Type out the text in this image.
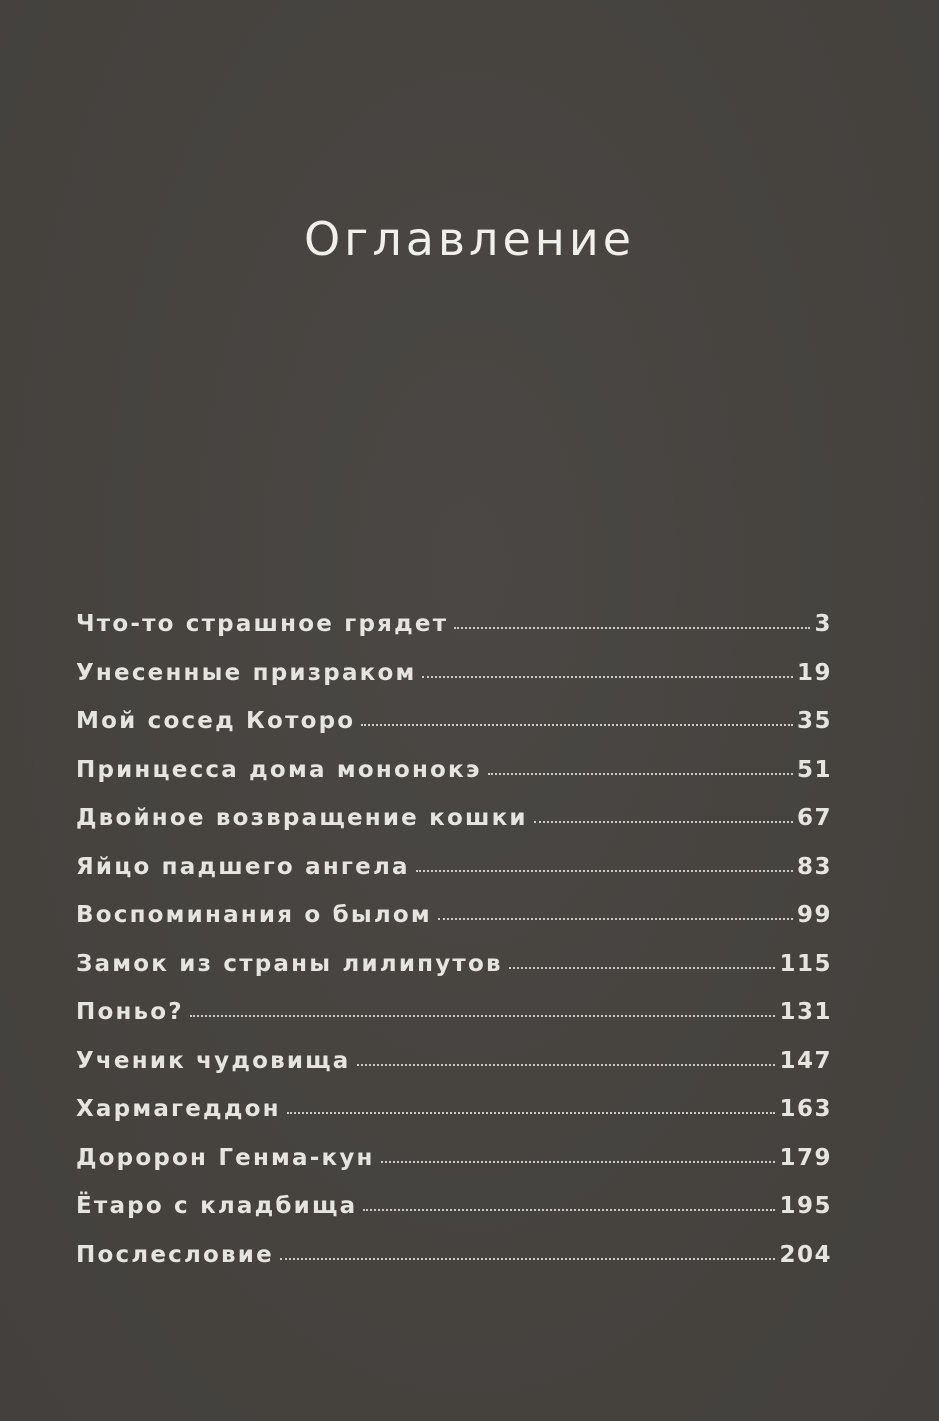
Оглавление
Что-то страшное грядет	3
Унесенные призраком	19
Мой сосед Которо	35
Принцесса дома мононокэ	51
Двойное возвращение кошки	67
Яйцо падшего ангела	83
Воспоминания о былом	99
Замок из страны лилипутов	115
Поньо?	131
Ученик чудовища	147
Хармагеддон	163
Доророн Генма-кун	179
Ётаро с кладбища	195
Послесловие	204
